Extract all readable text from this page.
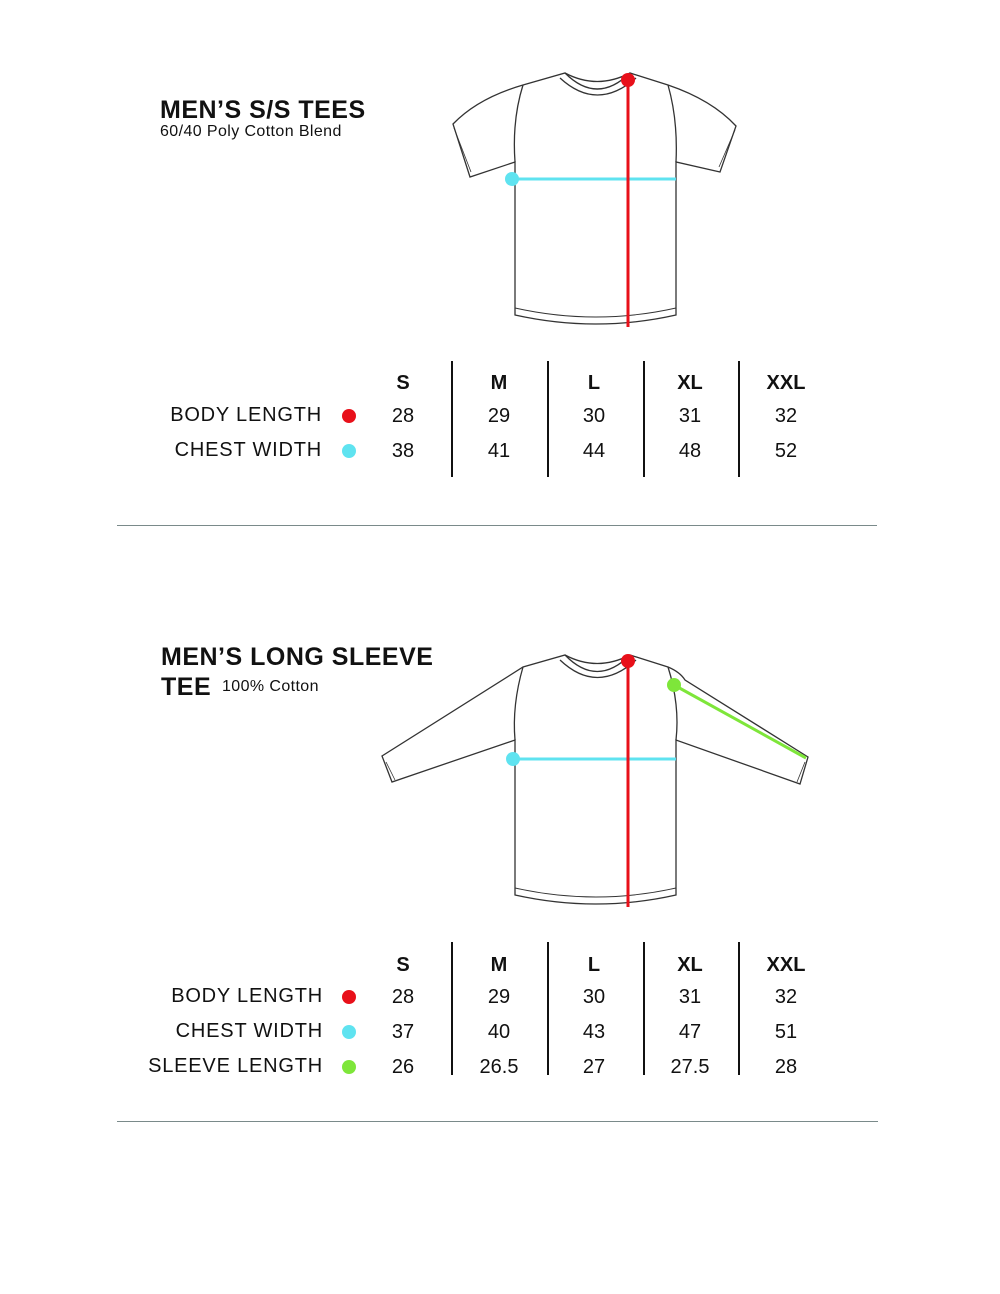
MEN’S S/S TEES
60/40 Poly Cotton Blend
S	M	L	XL	XXL
BODY LENGTH	28	29	30	31	32
CHEST WIDTH	38	41	44	48	52
MEN’S LONG SLEEVE
TEE 100% Cotton
S	M	L	XL	XXL
BODY LENGTH	28	29	30	31	32
CHEST WIDTH	37	40	43	47	51
SLEEVE LENGTH	26	26.5	27	27.5	28
